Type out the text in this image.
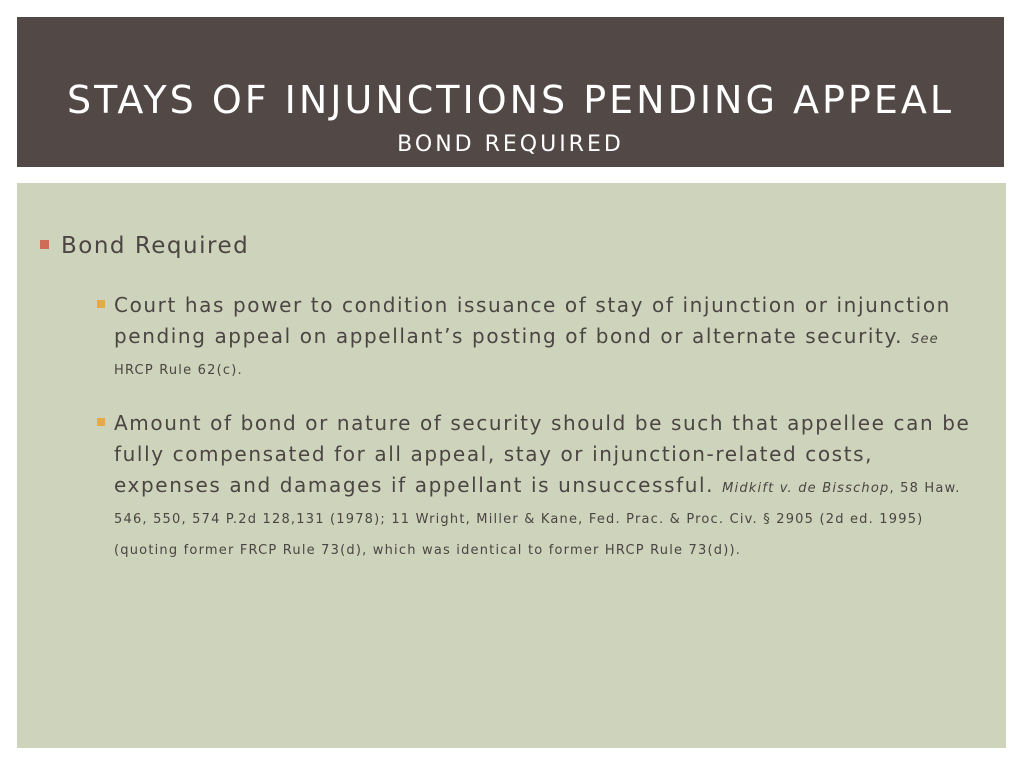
STAYS OF INJUNCTIONS PENDING APPEAL
BOND REQUIRED
Bond Required
Court has power to condition issuance of stay of injunction or injunction pending appeal on appellant’s posting of bond or alternate security. See HRCP Rule 62(c).
Amount of bond or nature of security should be such that appellee can be fully compensated for all appeal, stay or injunction-related costs, expenses and damages if appellant is unsuccessful. Midkift v. de Bisschop, 58 Haw. 546, 550, 574 P.2d 128,131 (1978); 11 Wright, Miller & Kane, Fed. Prac. & Proc. Civ. § 2905 (2d ed. 1995) (quoting former FRCP Rule 73(d), which was identical to former HRCP Rule 73(d)).
